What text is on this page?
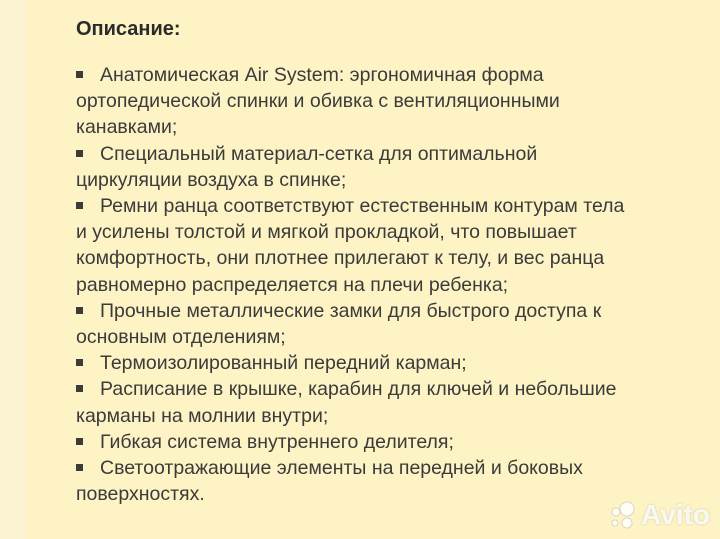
Описание:
Анатомическая Air System: эргономичная форма ортопедической спинки и обивка с вентиляционными канавками;
Специальный материал-сетка для оптимальной циркуляции воздуха в спинке;
Ремни ранца соответствуют естественным контурам тела и усилены толстой и мягкой прокладкой, что повышает комфортность, они плотнее прилегают к телу, и вес ранца равномерно распределяется на плечи ребенка;
Прочные металлические замки для быстрого доступа к основным отделениям;
Термоизолированный передний карман;
Расписание в крышке, карабин для ключей и небольшие карманы на молнии внутри;
Гибкая система внутреннего делителя;
Светоотражающие элементы на передней и боковых поверхностях.
Avito
